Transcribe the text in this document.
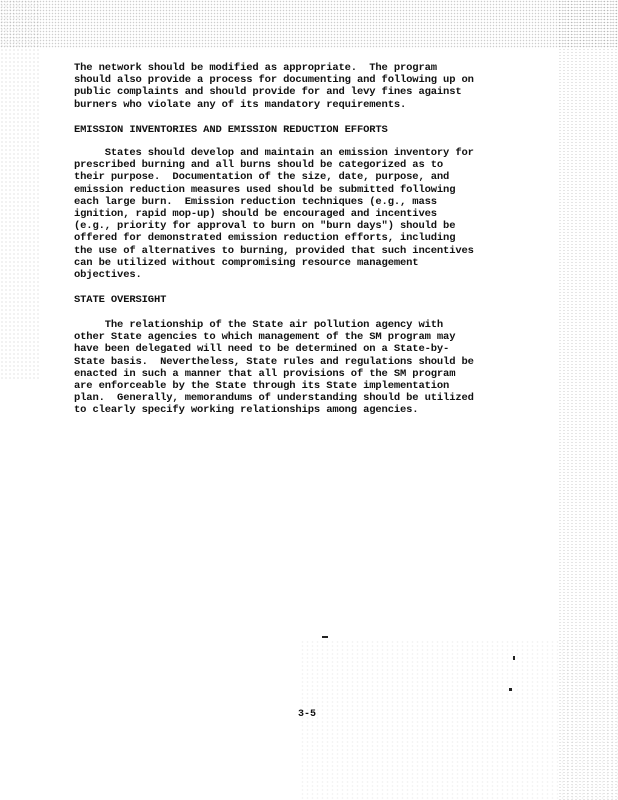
The network should be modified as appropriate.  The program
should also provide a process for documenting and following up on
public complaints and should provide for and levy fines against
burners who violate any of its mandatory requirements.

EMISSION INVENTORIES AND EMISSION REDUCTION EFFORTS

States should develop and maintain an emission inventory for
prescribed burning and all burns should be categorized as to
their purpose.  Documentation of the size, date, purpose, and
emission reduction measures used should be submitted following
each large burn.  Emission reduction techniques (e.g., mass
ignition, rapid mop-up) should be encouraged and incentives
(e.g., priority for approval to burn on "burn days") should be
offered for demonstrated emission reduction efforts, including
the use of alternatives to burning, provided that such incentives
can be utilized without compromising resource management
objectives.

STATE OVERSIGHT

The relationship of the State air pollution agency with
other State agencies to which management of the SM program may
have been delegated will need to be determined on a State-by-
State basis.  Nevertheless, State rules and regulations should be
enacted in such a manner that all provisions of the SM program
are enforceable by the State through its State implementation
plan.  Generally, memorandums of understanding should be utilized
to clearly specify working relationships among agencies.

3-5
